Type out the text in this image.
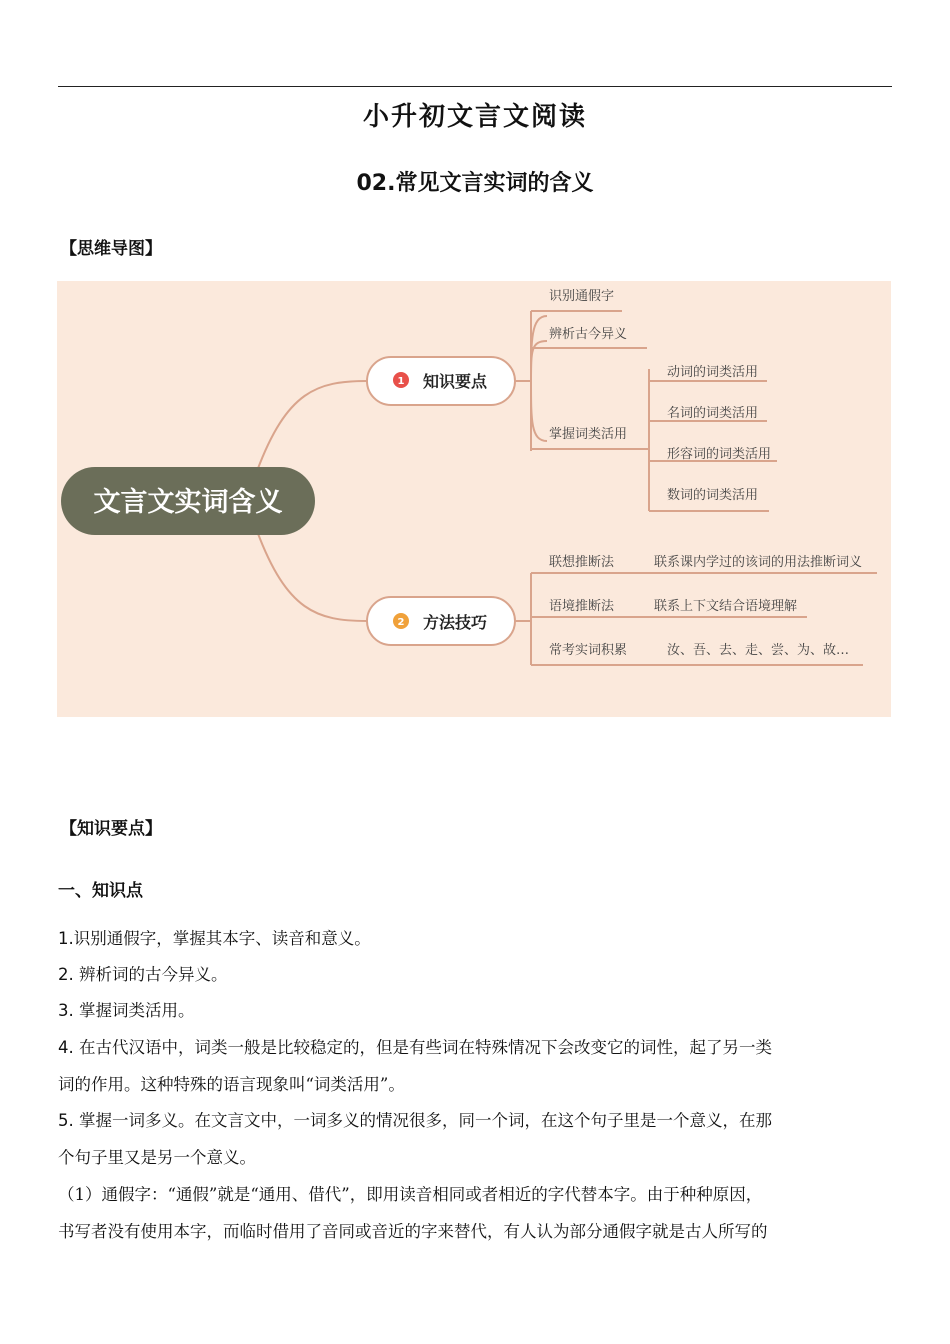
小升初文言文阅读
02.常见文言实词的含义
【思维导图】
文言文实词含义
1 知识要点
识别通假字
辨析古今异义
掌握词类活用
动词的词类活用
名词的词类活用
形容词的词类活用
数词的词类活用
2 方法技巧
联想推断法	联系课内学过的该词的用法推断词义
语境推断法	联系上下文结合语境理解
常考实词积累	汝、吾、去、走、尝、为、故…
【知识要点】
一、知识点
1.识别通假字，掌握其本字、读音和意义。
2. 辨析词的古今异义。
3. 掌握词类活用。
4. 在古代汉语中，词类一般是比较稳定的，但是有些词在特殊情况下会改变它的词性，起了另一类
词的作用。这种特殊的语言现象叫“词类活用”。
5. 掌握一词多义。在文言文中，一词多义的情况很多，同一个词，在这个句子里是一个意义，在那
个句子里又是另一个意义。
（1）通假字：“通假”就是“通用、借代”，即用读音相同或者相近的字代替本字。由于种种原因，
书写者没有使用本字，而临时借用了音同或音近的字来替代，有人认为部分通假字就是古人所写的
